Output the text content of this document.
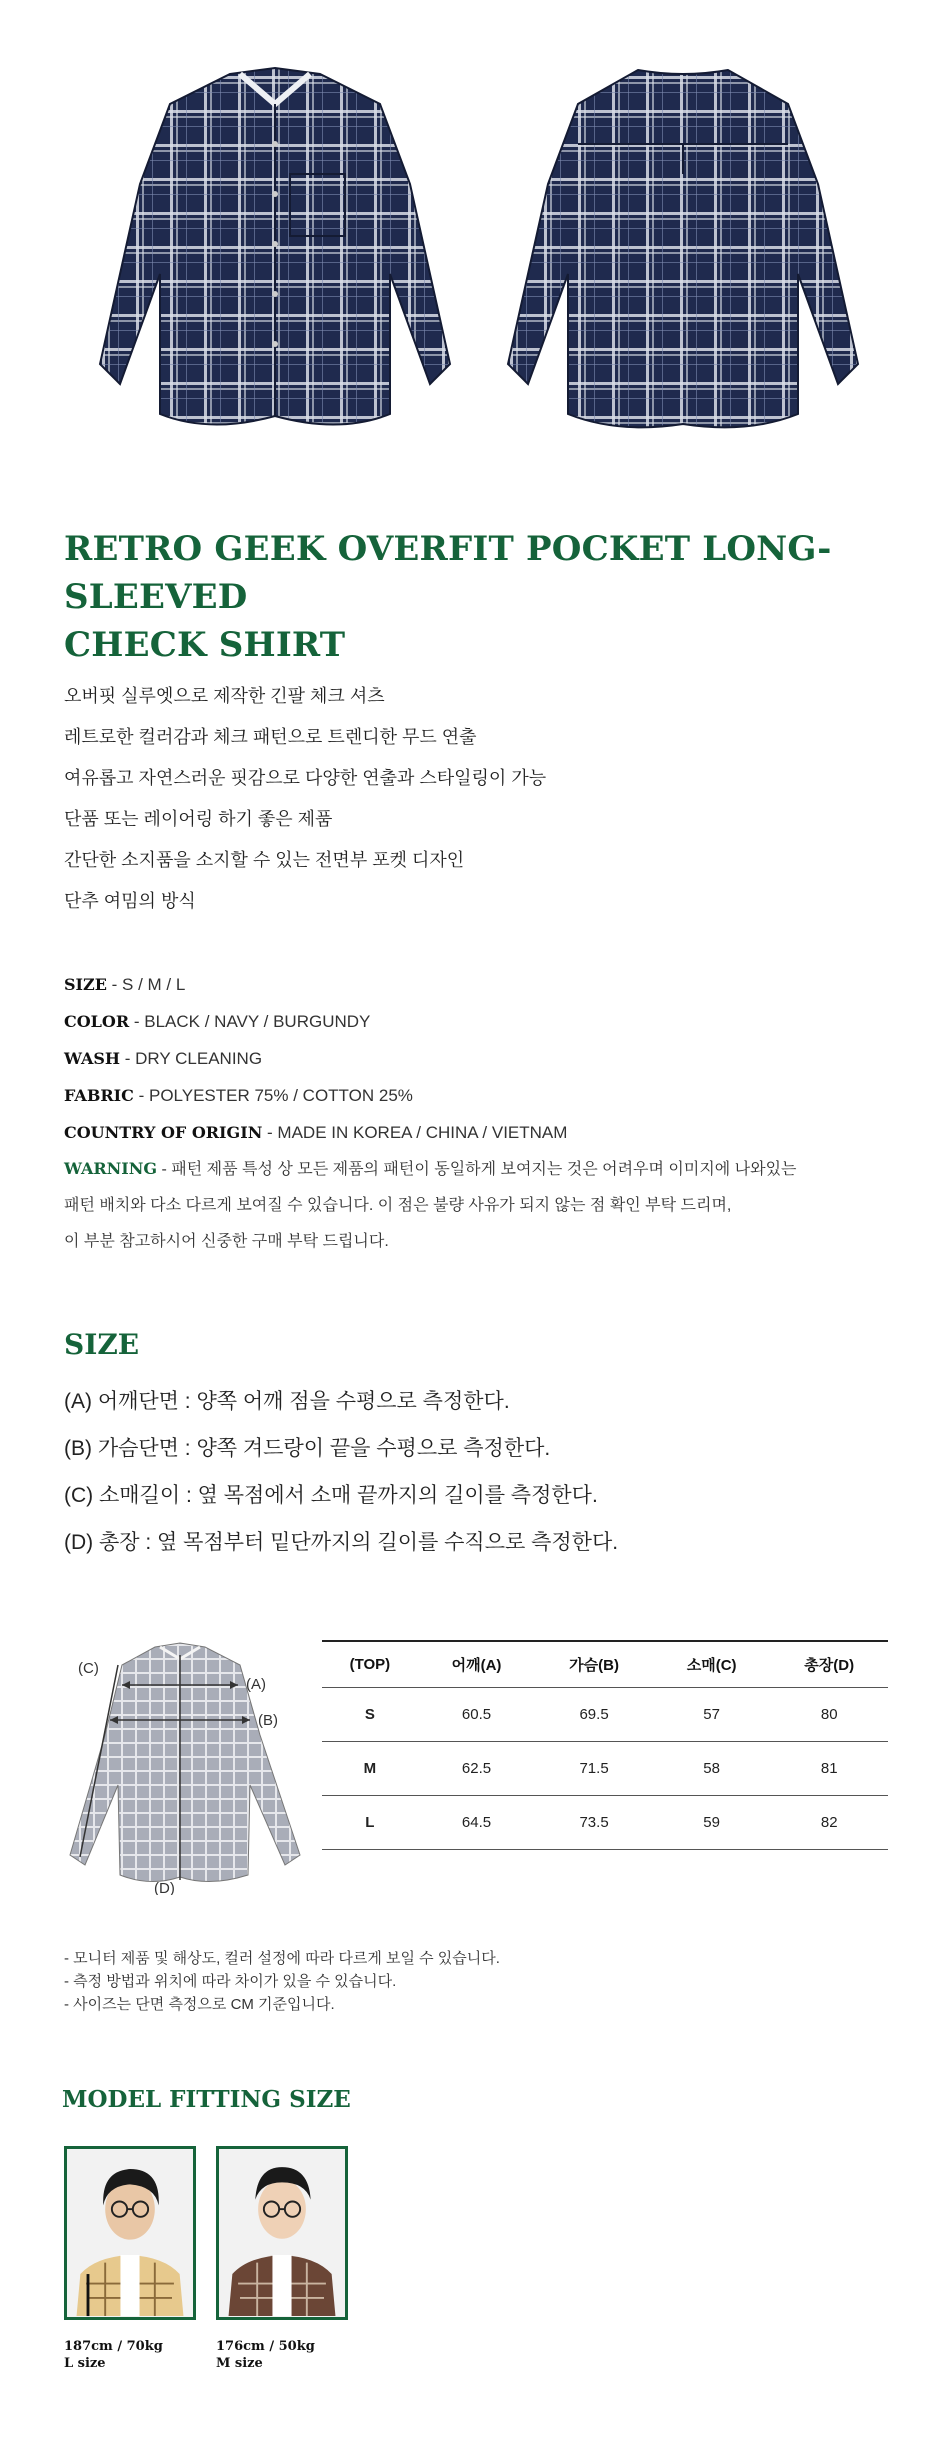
RETRO GEEK OVERFIT POCKET LONG-SLEEVED
CHECK SHIRT
오버핏 실루엣으로 제작한 긴팔 체크 셔츠
레트로한 컬러감과 체크 패턴으로 트렌디한 무드 연출
여유롭고 자연스러운 핏감으로 다양한 연출과 스타일링이 가능
단품 또는 레이어링 하기 좋은 제품
간단한 소지품을 소지할 수 있는 전면부 포켓 디자인
단추 여밈의 방식
SIZE - S / M / L
COLOR - BLACK / NAVY / BURGUNDY
WASH - DRY CLEANING
FABRIC - POLYESTER 75% / COTTON 25%
COUNTRY OF ORIGIN - MADE IN KOREA / CHINA / VIETNAM
WARNING - 패턴 제품 특성 상 모든 제품의 패턴이 동일하게 보여지는 것은 어려우며 이미지에 나와있는
패턴 배치와 다소 다르게 보여질 수 있습니다. 이 점은 불량 사유가 되지 않는 점 확인 부탁 드리며,
이 부분 참고하시어 신중한 구매 부탁 드립니다.
SIZE
(A) 어깨단면 : 양쪽 어깨 점을 수평으로 측정한다.
(B) 가슴단면 : 양쪽 겨드랑이 끝을 수평으로 측정한다.
(C) 소매길이 : 옆 목점에서 소매 끝까지의 길이를 측정한다.
(D) 총장 : 옆 목점부터 밑단까지의 길이를 수직으로 측정한다.
(A)
(B)
(C)
(D)
(TOP)	어깨(A)	가슴(B)	소매(C)	총장(D)
S	60.5	69.5	57	80
M	62.5	71.5	58	81
L	64.5	73.5	59	82
- 모니터 제품 및 해상도, 컬러 설정에 따라 다르게 보일 수 있습니다.
- 측정 방법과 위치에 따라 차이가 있을 수 있습니다.
- 사이즈는 단면 측정으로 CM 기준입니다.
MODEL FITTING SIZE
187cm / 70kg
L size
176cm / 50kg
M size
